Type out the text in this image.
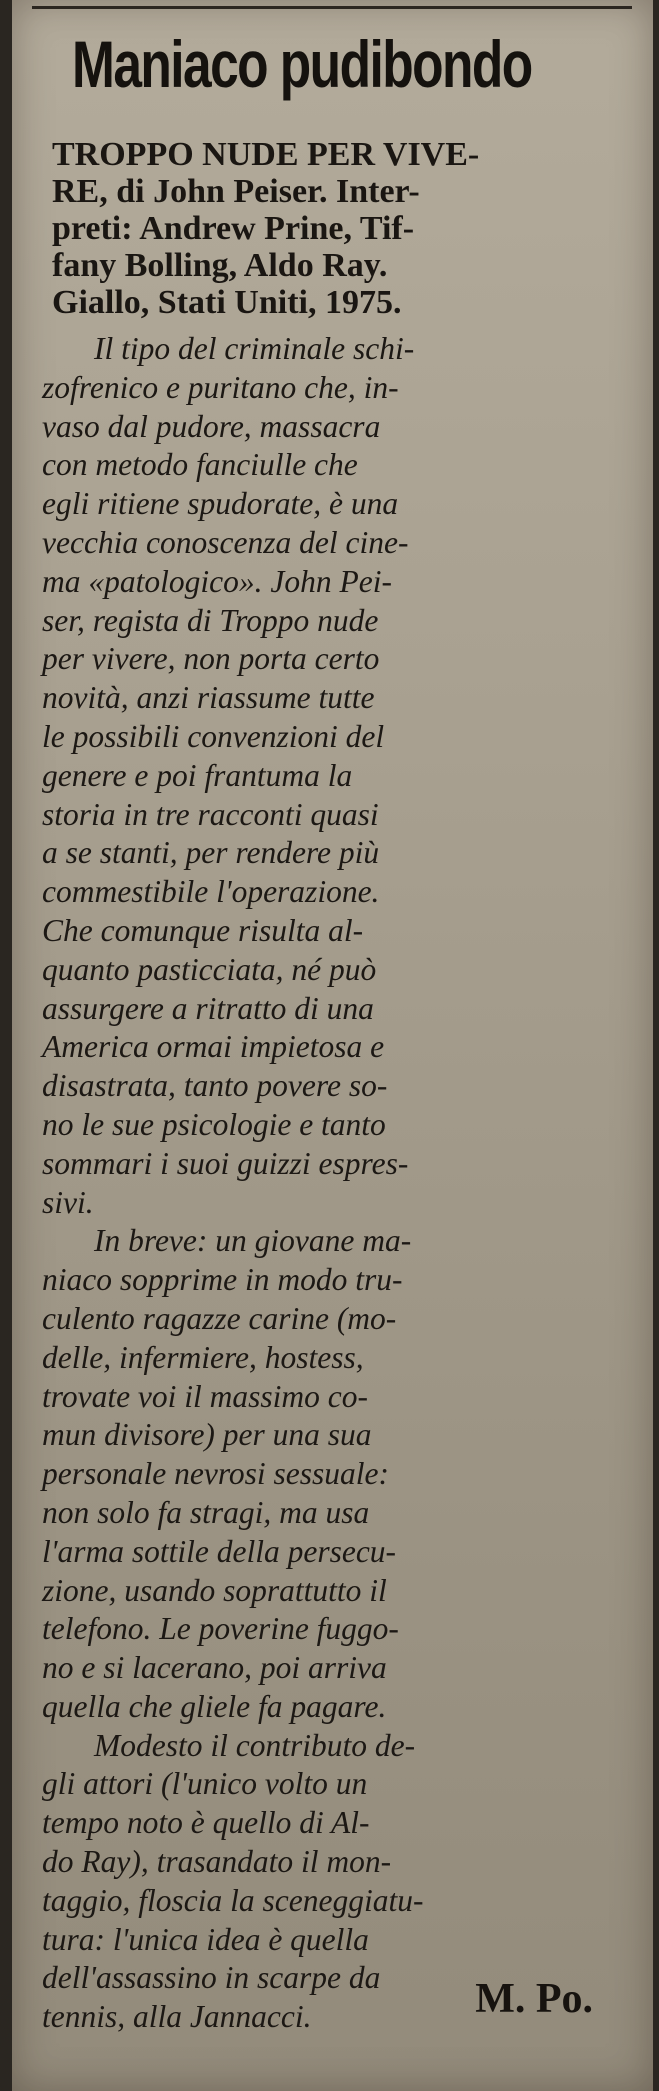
Maniaco pudibondo
TROPPO NUDE PER VIVE-
RE, di John Peiser. Inter-
preti: Andrew Prine, Tif-
fany Bolling, Aldo Ray.
Giallo, Stati Uniti, 1975.
Il tipo del criminale schi-
zofrenico e puritano che, in-
vaso dal pudore, massacra
con metodo fanciulle che
egli ritiene spudorate, è una
vecchia conoscenza del cine-
ma «patologico». John Pei-
ser, regista di Troppo nude
per vivere, non porta certo
novità, anzi riassume tutte
le possibili convenzioni del
genere e poi frantuma la
storia in tre racconti quasi
a se stanti, per rendere più
commestibile l'operazione.
Che comunque risulta al-
quanto pasticciata, né può
assurgere a ritratto di una
America ormai impietosa e
disastrata, tanto povere so-
no le sue psicologie e tanto
sommari i suoi guizzi espres-
sivi.
In breve: un giovane ma-
niaco sopprime in modo tru-
culento ragazze carine (mo-
delle, infermiere, hostess,
trovate voi il massimo co-
mun divisore) per una sua
personale nevrosi sessuale:
non solo fa stragi, ma usa
l'arma sottile della persecu-
zione, usando soprattutto il
telefono. Le poverine fuggo-
no e si lacerano, poi arriva
quella che gliele fa pagare.
Modesto il contributo de-
gli attori (l'unico volto un
tempo noto è quello di Al-
do Ray), trasandato il mon-
taggio, floscia la sceneggiatu-
tura: l'unica idea è quella
dell'assassino in scarpe da
tennis, alla Jannacci.	M. Po.
